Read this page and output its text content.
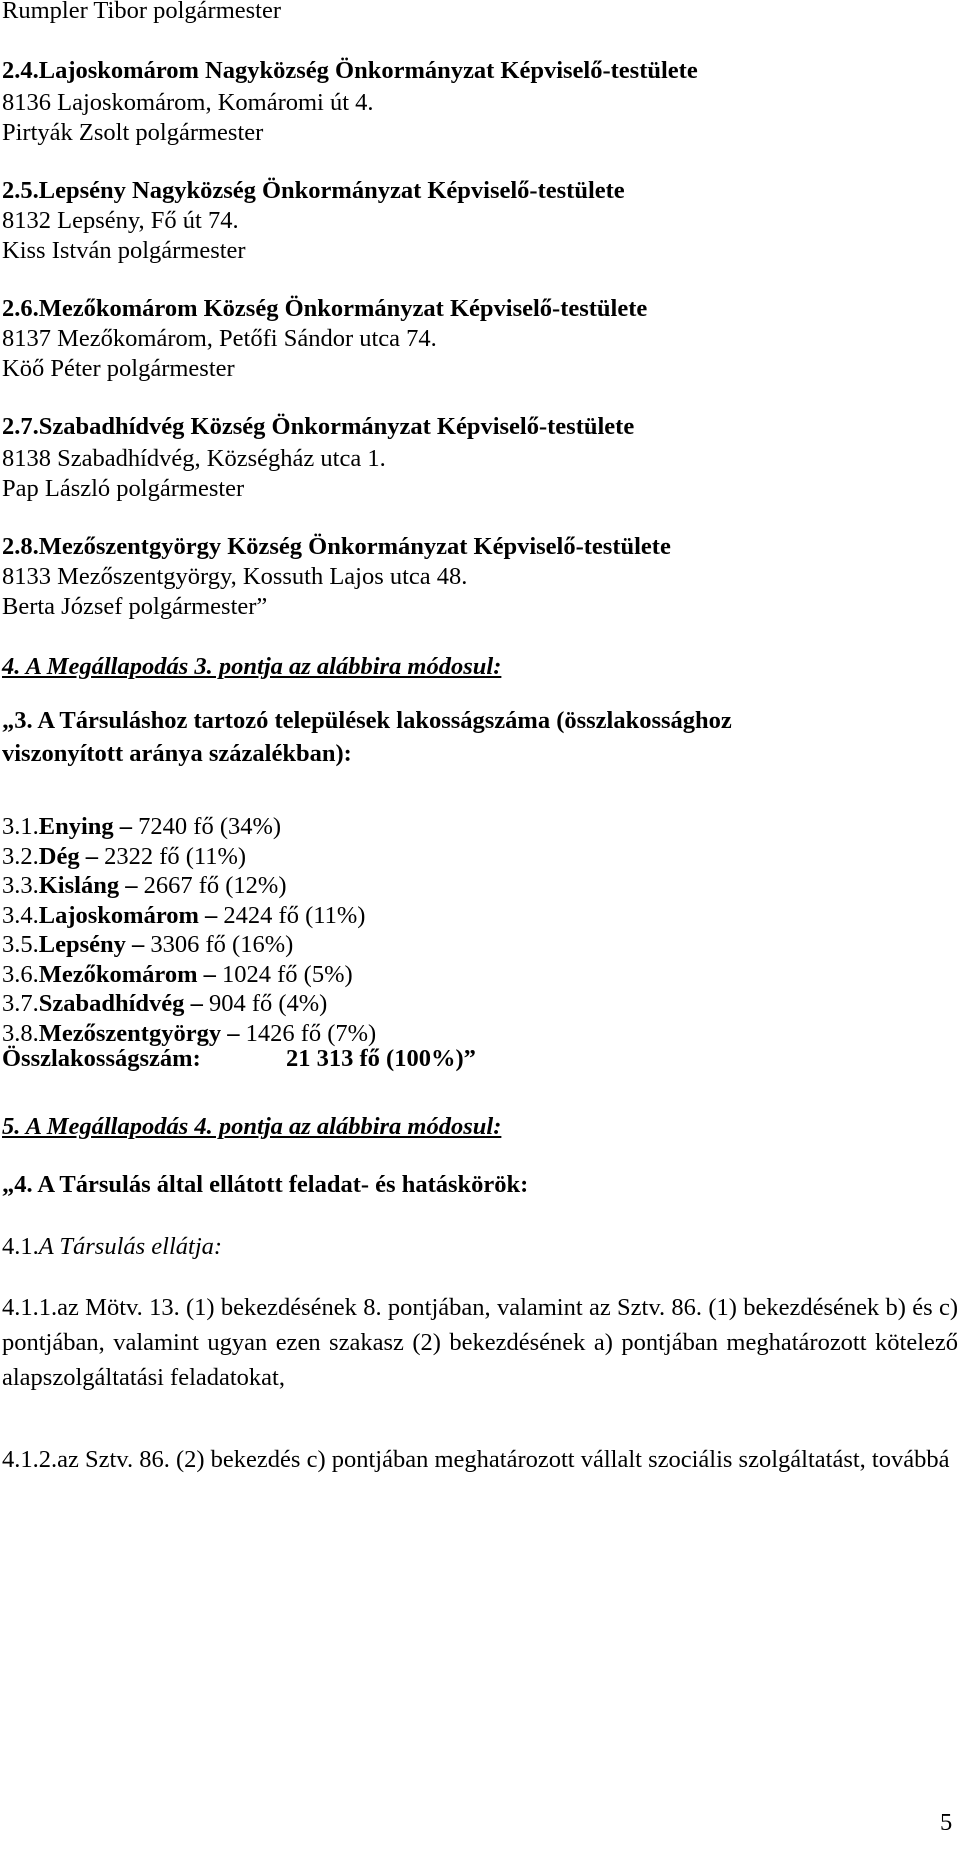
Rumpler Tibor polgármester
2.4.Lajoskomárom Nagyközség Önkormányzat Képviselő-testülete
8136 Lajoskomárom, Komáromi út 4.
Pirtyák Zsolt polgármester
2.5.Lepsény Nagyközség Önkormányzat Képviselő-testülete
8132 Lepsény, Fő út 74.
Kiss István polgármester
2.6.Mezőkomárom Község Önkormányzat Képviselő-testülete
8137 Mezőkomárom, Petőfi Sándor utca 74.
Köő Péter polgármester
2.7.Szabadhídvég Község Önkormányzat Képviselő-testülete
8138 Szabadhídvég, Községház utca 1.
Pap László polgármester
2.8.Mezőszentgyörgy Község Önkormányzat Képviselő-testülete
8133 Mezőszentgyörgy, Kossuth Lajos utca 48.
Berta József polgármester”
4. A Megállapodás 3. pontja az alábbira módosul:
„3. A Társuláshoz tartozó települések lakosságszáma (összlakossághoz
viszonyított aránya százalékban):
3.1.Enying – 7240 fő (34%)
3.2.Dég – 2322 fő (11%)
3.3.Kisláng – 2667 fő (12%)
3.4.Lajoskomárom – 2424 fő (11%)
3.5.Lepsény – 3306 fő (16%)
3.6.Mezőkomárom – 1024 fő (5%)
3.7.Szabadhídvég – 904 fő (4%)
3.8.Mezőszentgyörgy – 1426 fő (7%)
Összlakosságszám:	21 313 fő (100%)”
5. A Megállapodás 4. pontja az alábbira módosul:
„4. A Társulás által ellátott feladat- és hatáskörök:
4.1.A Társulás ellátja:
4.1.1.az Mötv. 13. (1) bekezdésének 8. pontjában, valamint az Sztv. 86. (1) bekezdésének b) és c) pontjában, valamint ugyan ezen szakasz (2) bekezdésének a) pontjában meghatározott kötelező alapszolgáltatási feladatokat,
4.1.2.az Sztv. 86. (2) bekezdés c) pontjában meghatározott vállalt szociális szolgáltatást, továbbá
5
